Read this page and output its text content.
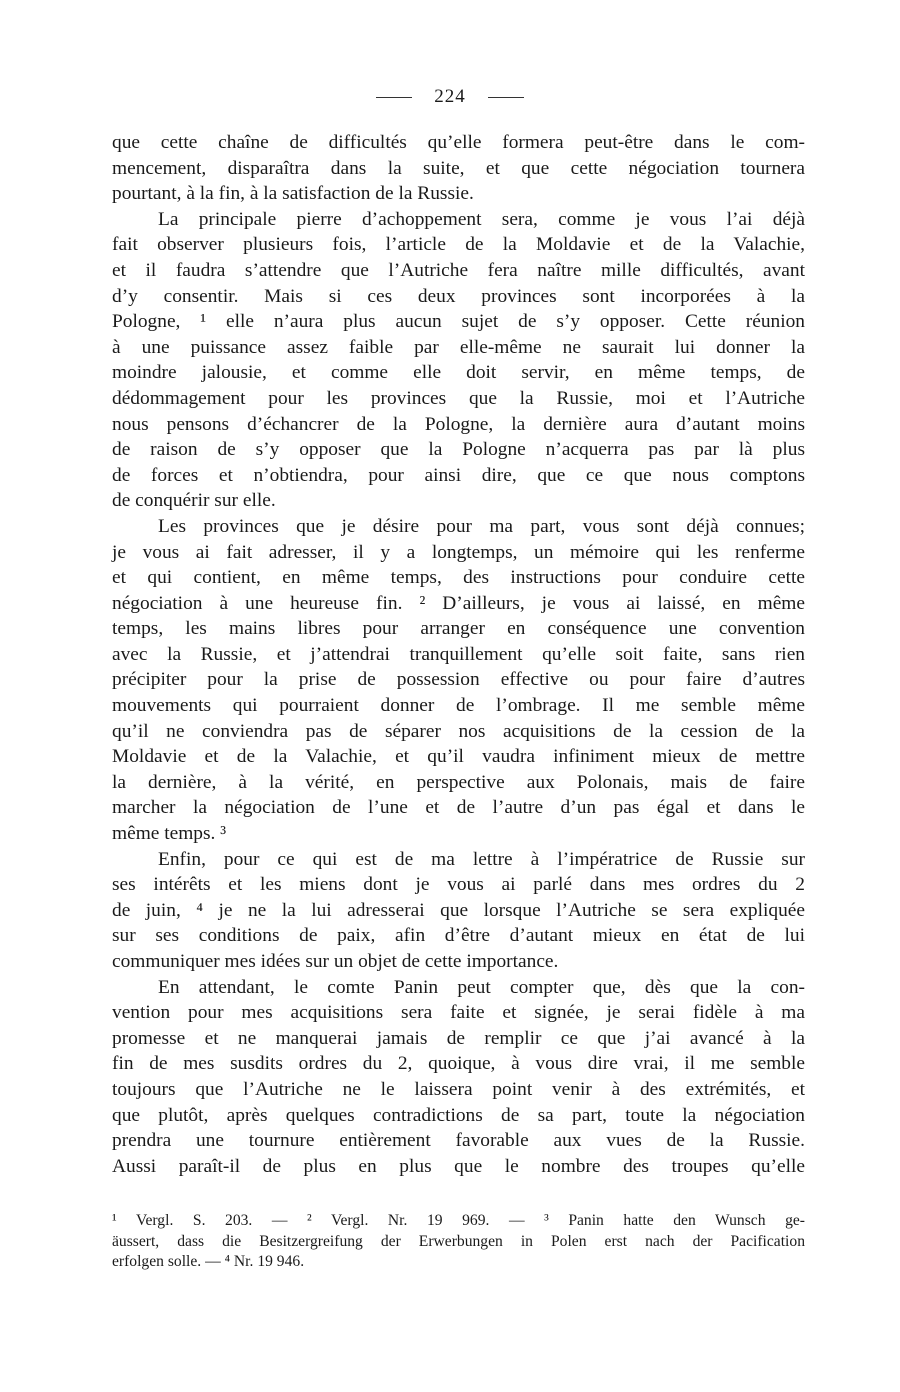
224

que cette chaîne de difficultés qu’elle formera peut-être dans le com-
mencement, disparaîtra dans la suite, et que cette négociation tournera
pourtant, à la fin, à la satisfaction de la Russie.

La principale pierre d’achoppement sera, comme je vous l’ai déjà
fait observer plusieurs fois, l’article de la Moldavie et de la Valachie,
et il faudra s’attendre que l’Autriche fera naître mille difficultés, avant
d’y consentir. Mais si ces deux provinces sont incorporées à la
Pologne, ¹ elle n’aura plus aucun sujet de s’y opposer. Cette réunion
à une puissance assez faible par elle-même ne saurait lui donner la
moindre jalousie, et comme elle doit servir, en même temps, de
dédommagement pour les provinces que la Russie, moi et l’Autriche
nous pensons d’échancrer de la Pologne, la dernière aura d’autant moins
de raison de s’y opposer que la Pologne n’acquerra pas par là plus
de forces et n’obtiendra, pour ainsi dire, que ce que nous comptons
de conquérir sur elle.

Les provinces que je désire pour ma part, vous sont déjà connues;
je vous ai fait adresser, il y a longtemps, un mémoire qui les renferme
et qui contient, en même temps, des instructions pour conduire cette
négociation à une heureuse fin. ² D’ailleurs, je vous ai laissé, en même
temps, les mains libres pour arranger en conséquence une convention
avec la Russie, et j’attendrai tranquillement qu’elle soit faite, sans rien
précipiter pour la prise de possession effective ou pour faire d’autres
mouvements qui pourraient donner de l’ombrage. Il me semble même
qu’il ne conviendra pas de séparer nos acquisitions de la cession de la
Moldavie et de la Valachie, et qu’il vaudra infiniment mieux de mettre
la dernière, à la vérité, en perspective aux Polonais, mais de faire
marcher la négociation de l’une et de l’autre d’un pas égal et dans le
même temps. ³

Enfin, pour ce qui est de ma lettre à l’impératrice de Russie sur
ses intérêts et les miens dont je vous ai parlé dans mes ordres du 2
de juin, ⁴ je ne la lui adresserai que lorsque l’Autriche se sera expliquée
sur ses conditions de paix, afin d’être d’autant mieux en état de lui
communiquer mes idées sur un objet de cette importance.

En attendant, le comte Panin peut compter que, dès que la con-
vention pour mes acquisitions sera faite et signée, je serai fidèle à ma
promesse et ne manquerai jamais de remplir ce que j’ai avancé à la
fin de mes susdits ordres du 2, quoique, à vous dire vrai, il me semble
toujours que l’Autriche ne le laissera point venir à des extrémités, et
que plutôt, après quelques contradictions de sa part, toute la négociation
prendra une tournure entièrement favorable aux vues de la Russie.
Aussi paraît-il de plus en plus que le nombre des troupes qu’elle

¹ Vergl. S. 203. — ² Vergl. Nr. 19 969. — ³ Panin hatte den Wunsch ge-
äussert, dass die Besitzergreifung der Erwerbungen in Polen erst nach der Pacification
erfolgen solle. — ⁴ Nr. 19 946.
